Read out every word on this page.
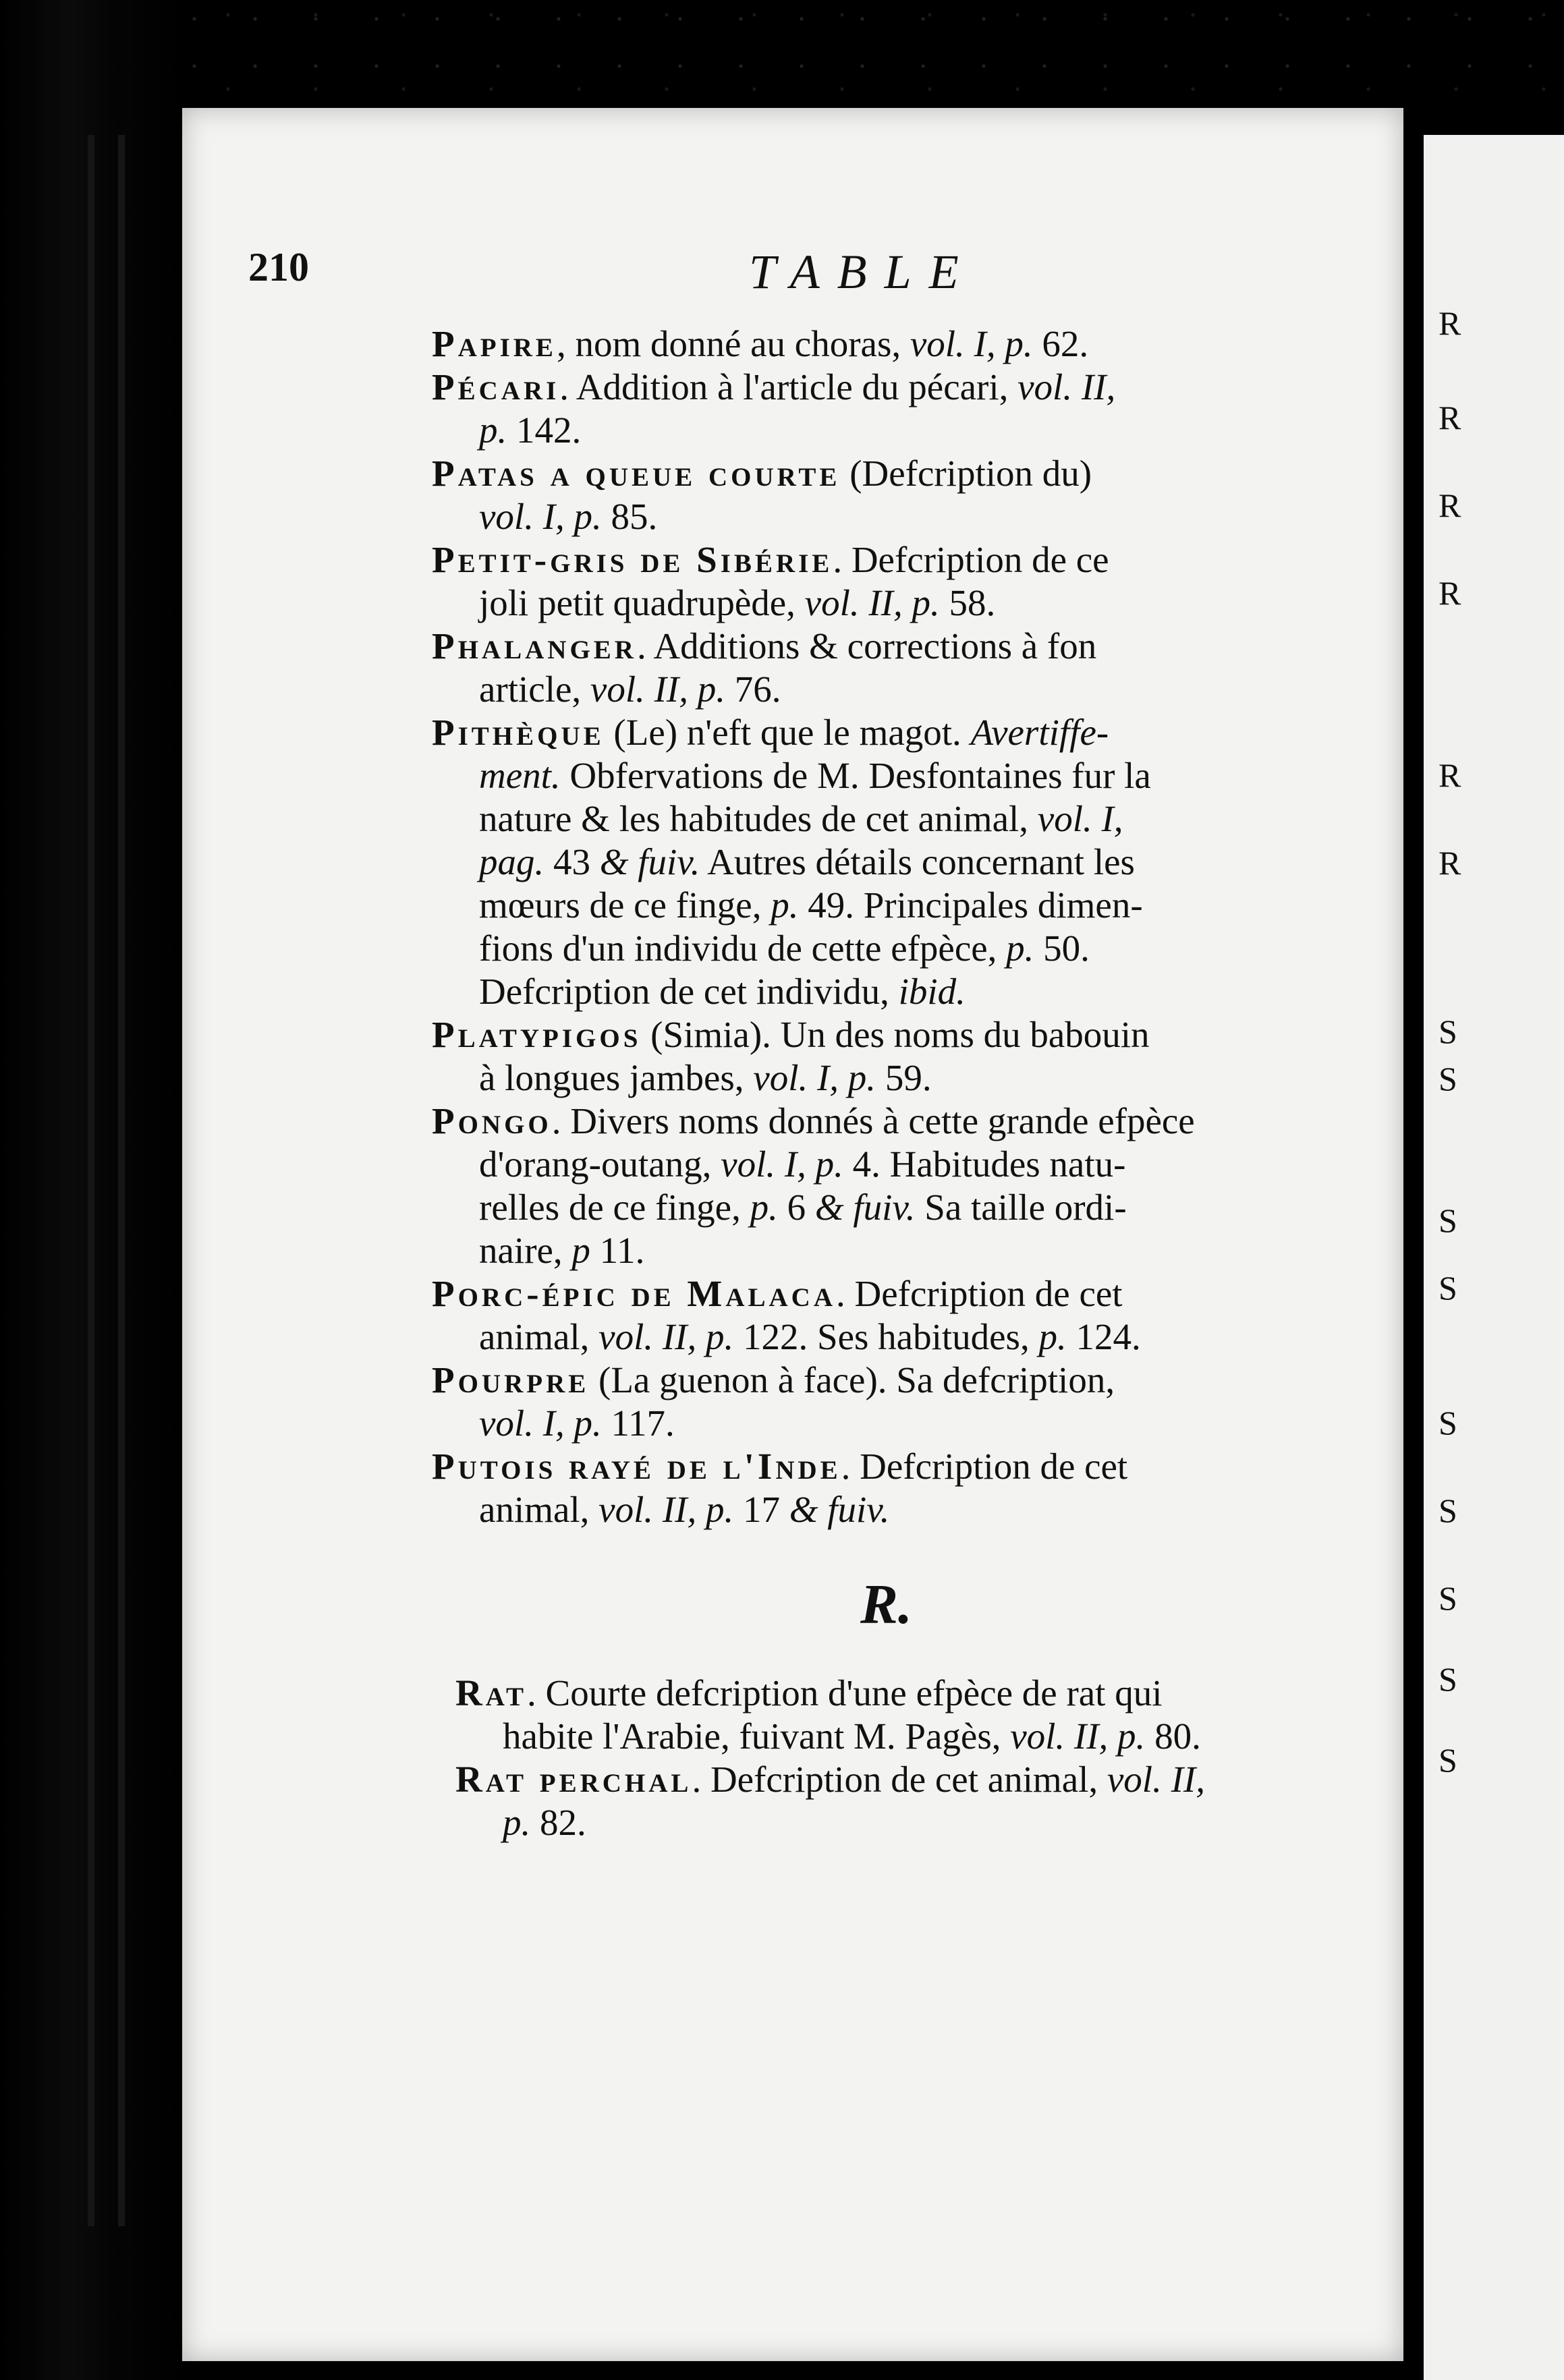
R
R
R
R
R
R
S
S
S
S
S
S
S
S
S
210	TABLE
Papire, nom donné au choras, vol. I, p. 62.
Pécari. Addition à l'article du pécari, vol. II,
p. 142.
Patas a queue courte (Defcription du)
vol. I, p. 85.
Petit-gris de Sibérie. Defcription de ce
joli petit quadrupède, vol. II, p. 58.
Phalanger. Additions & corrections à fon
article, vol. II, p. 76.
Pithèque (Le) n'eft que le magot. Avertiffe-
ment. Obfervations de M. Desfontaines fur la
nature & les habitudes de cet animal, vol. I,
pag. 43 & fuiv. Autres détails concernant les
mœurs de ce finge, p. 49. Principales dimen-
fions d'un individu de cette efpèce, p. 50.
Defcription de cet individu, ibid.
Platypigos (Simia). Un des noms du babouin
à longues jambes, vol. I, p. 59.
Pongo. Divers noms donnés à cette grande efpèce
d'orang-outang, vol. I, p. 4. Habitudes natu-
relles de ce finge, p. 6 & fuiv. Sa taille ordi-
naire, p 11.
Porc-épic de Malaca. Defcription de cet
animal, vol. II, p. 122. Ses habitudes, p. 124.
Pourpre (La guenon à face). Sa defcription,
vol. I, p. 117.
Putois rayé de l'Inde. Defcription de cet
animal, vol. II, p. 17 & fuiv.
R.
Rat. Courte defcription d'une efpèce de rat qui
habite l'Arabie, fuivant M. Pagès, vol. II, p. 80.
Rat perchal. Defcription de cet animal, vol. II,
p. 82.
